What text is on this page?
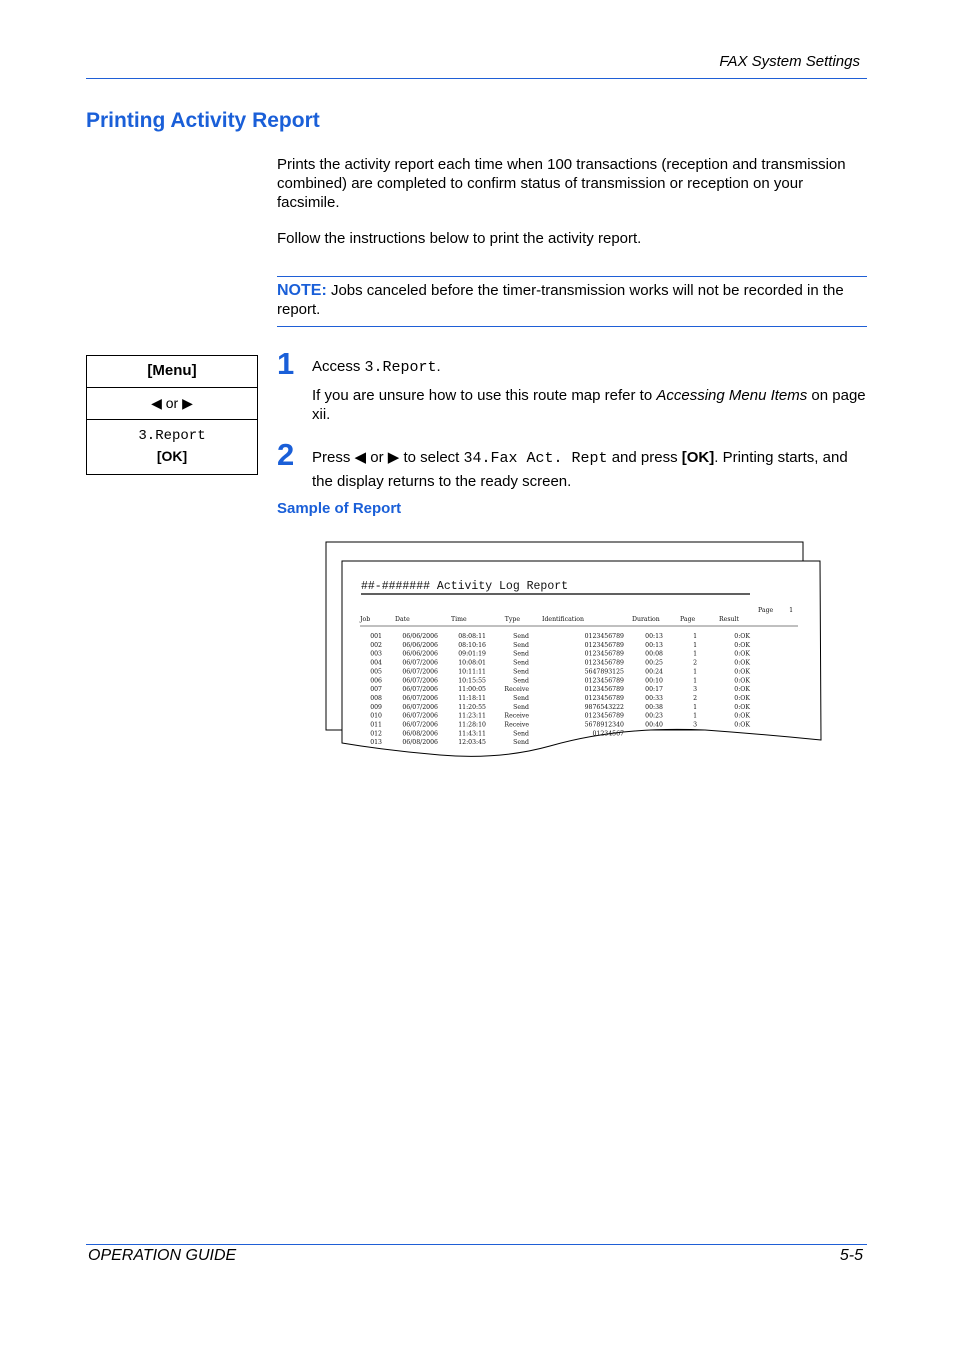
FAX System Settings
Printing Activity Report
Prints the activity report each time when 100 transactions (reception and transmission combined) are completed to confirm status of transmission or reception on your facsimile.
Follow the instructions below to print the activity report.
NOTE: Jobs canceled before the timer-transmission works will not be recorded in the report.
[Menu]
◀ or ▶
3.Report
[OK]
1 Access 3.Report.
If you are unsure how to use this route map refer to Accessing Menu Items on page xii.
2 Press ◀ or ▶ to select 34.Fax Act. Rept and press [OK]. Printing starts, and the display returns to the ready screen.
Sample of Report
##-####### Activity Log Report
Page	1
Job	Date	Time	Type	Identification	Duration	Page	Result
001	06/06/2006	08:08:11	Send	0123456789	00:13	1	0:OK
002	06/06/2006	08:10:16	Send	0123456789	00:13	1	0:OK
003	06/06/2006	09:01:19	Send	0123456789	00:08	1	0:OK
004	06/07/2006	10:08:01	Send	0123456789	00:25	2	0:OK
005	06/07/2006	10:11:11	Send	5647893125	00:24	1	0:OK
006	06/07/2006	10:15:55	Send	0123456789	00:10	1	0:OK
007	06/07/2006	11:00:05	Receive	0123456789	00:17	3	0:OK
008	06/07/2006	11:18:11	Send	0123456789	00:33	2	0:OK
009	06/07/2006	11:20:55	Send	9876543222	00:38	1	0:OK
010	06/07/2006	11:23:11	Receive	0123456789	00:23	1	0:OK
011	06/07/2006	11:28:10	Receive	5678912340	00:40	3	0:OK
012	06/08/2006	11:43:11	Send	01234567
013	06/08/2006	12:03:45	Send
OPERATION GUIDE	5-5
